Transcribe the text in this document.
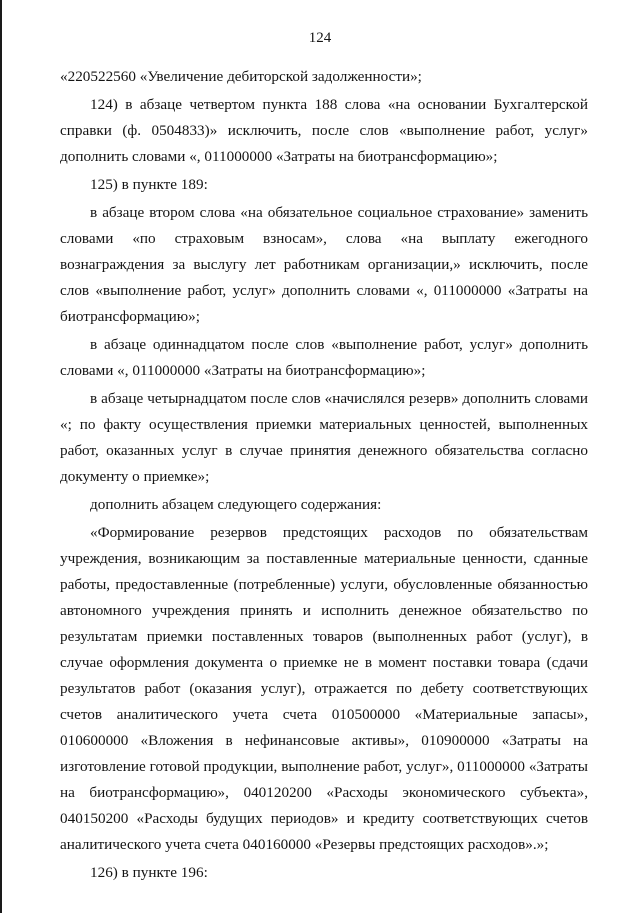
124

«220522560 «Увеличение дебиторской задолженности»;

124) в абзаце четвертом пункта 188 слова «на основании Бухгалтерской справки (ф. 0504833)» исключить, после слов «выполнение работ, услуг» дополнить словами «, 011000000 «Затраты на биотрансформацию»;

125) в пункте 189:

в абзаце втором слова «на обязательное социальное страхование» заменить словами «по страховым взносам», слова «на выплату ежегодного вознаграждения за выслугу лет работникам организации,» исключить, после слов «выполнение работ, услуг» дополнить словами «, 011000000 «Затраты на биотрансформацию»;

в абзаце одиннадцатом после слов «выполнение работ, услуг» дополнить словами «, 011000000 «Затраты на биотрансформацию»;

в абзаце четырнадцатом после слов «начислялся резерв» дополнить словами «; по факту осуществления приемки материальных ценностей, выполненных работ, оказанных услуг в случае принятия денежного обязательства согласно документу о приемке»;

дополнить абзацем следующего содержания:

«Формирование резервов предстоящих расходов по обязательствам учреждения, возникающим за поставленные материальные ценности, сданные работы, предоставленные (потребленные) услуги, обусловленные обязанностью автономного учреждения принять и исполнить денежное обязательство по результатам приемки поставленных товаров (выполненных работ (услуг), в случае оформления документа о приемке не в момент поставки товара (сдачи результатов работ (оказания услуг), отражается по дебету соответствующих счетов аналитического учета счета 010500000 «Материальные запасы», 010600000 «Вложения в нефинансовые активы», 010900000 «Затраты на изготовление готовой продукции, выполнение работ, услуг», 011000000 «Затраты на биотрансформацию», 040120200 «Расходы экономического субъекта», 040150200 «Расходы будущих периодов» и кредиту соответствующих счетов аналитического учета счета 040160000 «Резервы предстоящих расходов».»;

126) в пункте 196:
